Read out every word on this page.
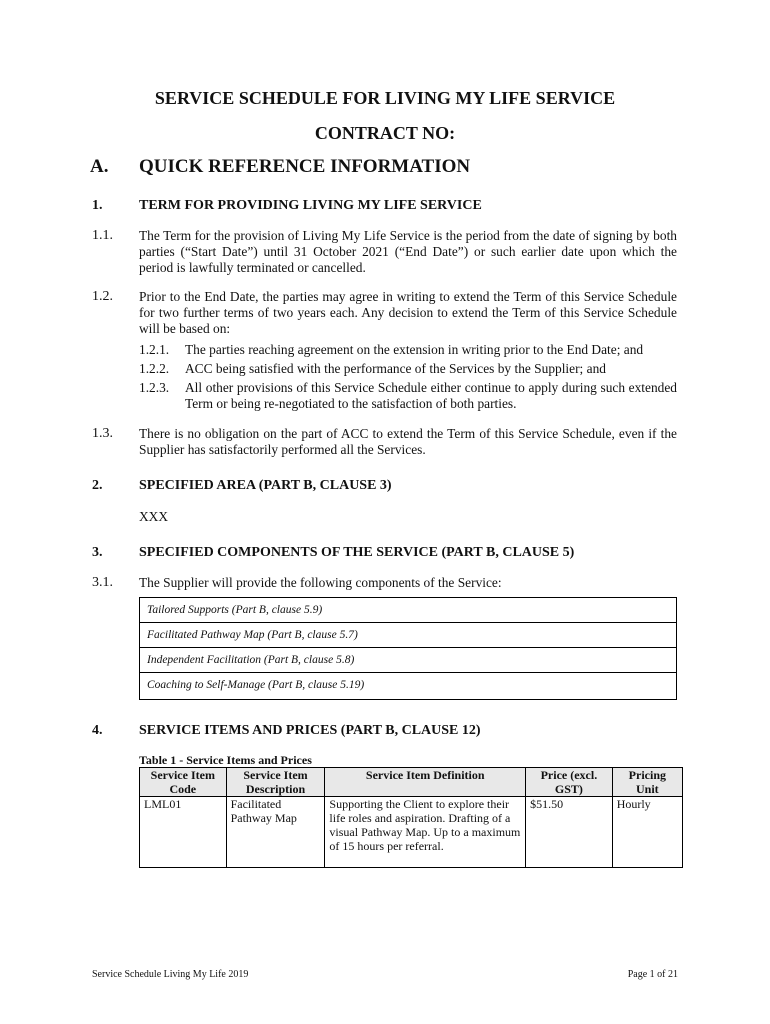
SERVICE SCHEDULE FOR LIVING MY LIFE SERVICE
CONTRACT NO:
A. QUICK REFERENCE INFORMATION
1.	TERM FOR PROVIDING LIVING MY LIFE SERVICE
1.1. The Term for the provision of Living My Life Service is the period from the date of signing by both parties (“Start Date”) until 31 October 2021 (“End Date”) or such earlier date upon which the period is lawfully terminated or cancelled.
1.2. Prior to the End Date, the parties may agree in writing to extend the Term of this Service Schedule for two further terms of two years each. Any decision to extend the Term of this Service Schedule will be based on:
1.2.1. The parties reaching agreement on the extension in writing prior to the End Date; and
1.2.2. ACC being satisfied with the performance of the Services by the Supplier; and
1.2.3. All other provisions of this Service Schedule either continue to apply during such extended Term or being re-negotiated to the satisfaction of both parties.
1.3. There is no obligation on the part of ACC to extend the Term of this Service Schedule, even if the Supplier has satisfactorily performed all the Services.
2.	SPECIFIED AREA (PART B, CLAUSE 3)
XXX
3.	SPECIFIED COMPONENTS OF THE SERVICE (PART B, CLAUSE 5)
3.1. The Supplier will provide the following components of the Service:
Tailored Supports (Part B, clause 5.9)
Facilitated Pathway Map (Part B, clause 5.7)
Independent Facilitation (Part B, clause 5.8)
Coaching to Self-Manage (Part B, clause 5.19)
4.	SERVICE ITEMS AND PRICES (PART B, CLAUSE 12)
Table 1 - Service Items and Prices
Service Item Code	Service Item Description	Service Item Definition	Price (excl. GST)	Pricing Unit
LML01	Facilitated Pathway Map	Supporting the Client to explore their life roles and aspiration. Drafting of a visual Pathway Map. Up to a maximum of 15 hours per referral.	$51.50	Hourly
Service Schedule Living My Life 2019	Page 1 of 21
